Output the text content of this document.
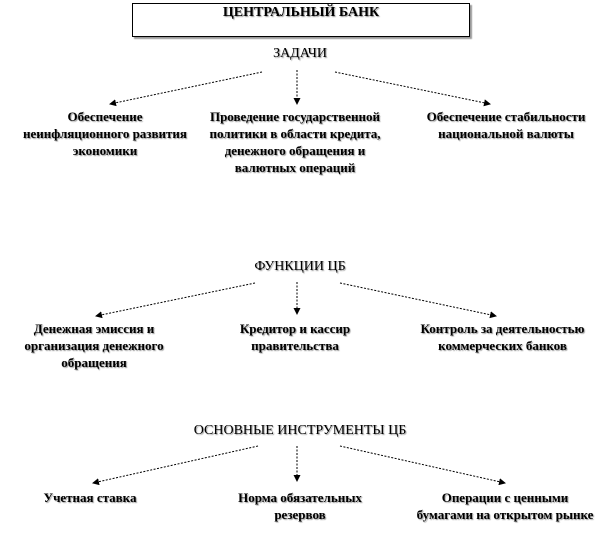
ЦЕНТРАЛЬНЫЙ БАНК
ЗАДАЧИ
Обеспечение неинфляционного развития экономики
Проведение государственной политики в области кредита, денежного обращения и валютных операций
Обеспечение стабильности национальной валюты
ФУНКЦИИ ЦБ
Денежная эмиссия и организация денежного обращения
Кредитор и кассир правительства
Контроль за деятельностью коммерческих банков
ОСНОВНЫЕ ИНСТРУМЕНТЫ ЦБ
Учетная ставка	Норма обязательных резервов
Операции с ценными бумагами на открытом рынке
